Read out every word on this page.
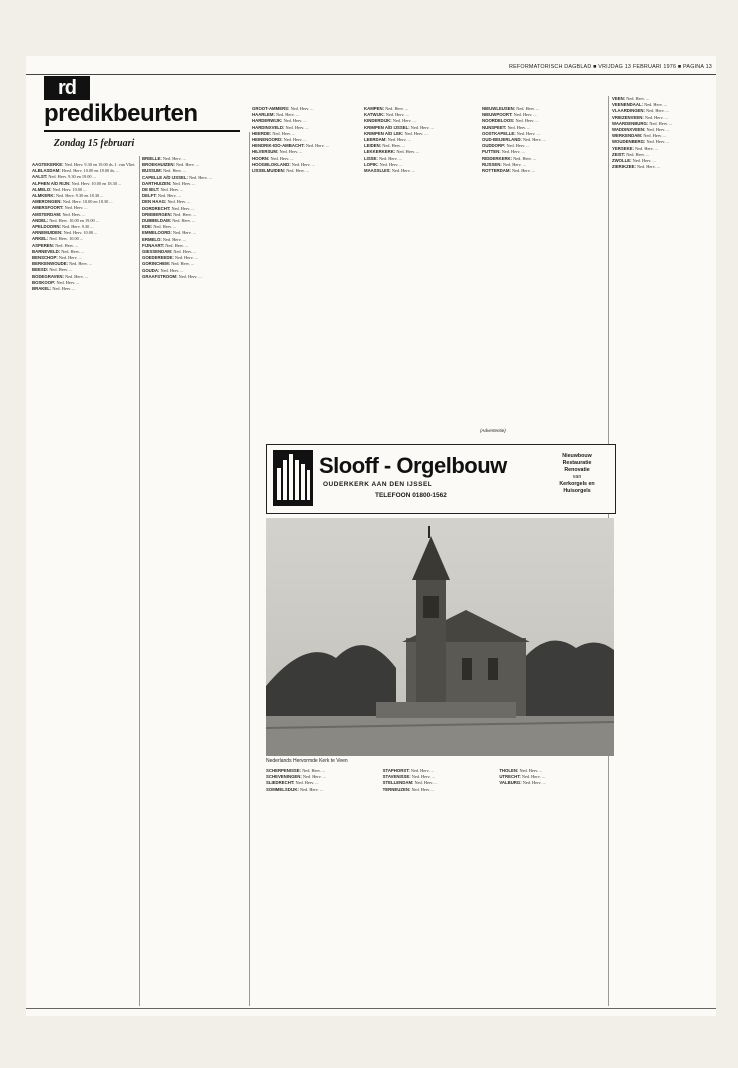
REFORMATORISCH DAGBLAD ■ VRIJDAG 13 FEBRUARI 1976 ■ PAGINA 13
rd
predikbeurten
Zondag 15 februari

AAGTEKERKE: Ned. Herv. 9.30 en 19.00 ds. J. van Vliet.

ALBLASDAM: Hersl. Herv. 10.00 en 18.00 ds. ...

AALST: Ned. Herv. 9.30 en 19.00 ...

ALPHEN A/D RIJN: Ned. Herv. 10.00 en 18.30 ...

ALMELO: Ned. Herv. 10.00 ...

ALMKERK: Ned. Herv. 9.30 en 18.30 ...

AMERONGEN: Ned. Herv. 10.00 en 18.30 ...

AMERSFOORT: Ned. Herv. ...

AMSTERDAM: Ned. Herv. ...

ANDEL: Ned. Herv. 10.00 en 19.00 ...

APELDOORN: Ned. Herv. 9.30 ...

ARNEMUIDEN: Ned. Herv. 10.00 ...

ARKEL: Ned. Herv. 10.00 ...

ASPEREN: Ned. Herv. ...

BARNEVELD: Ned. Herv. ...

BENSCHOP: Ned. Herv. ...

BERKENWOUDE: Ned. Herv. ...

BEESD: Ned. Herv. ...

BODEGRAVEN: Ned. Herv. ...

BOSKOOP: Ned. Herv. ...

BRAKEL: Ned. Herv. ...

BRIELLE: Ned. Herv. ...

BROEKHUIZEN: Ned. Herv. ...

BUSSUM: Ned. Herv. ...

CAPELLE A/D IJSSEL: Ned. Herv. ...

DARTHUIZEN: Ned. Herv. ...

DE BILT: Ned. Herv. ...

DELFT: Ned. Herv. ...

DEN HAAG: Ned. Herv. ...

DORDRECHT: Ned. Herv. ...

DRIEBERGEN: Ned. Herv. ...

DUBBELDAM: Ned. Herv. ...

EDE: Ned. Herv. ...

EMMELOORD: Ned. Herv. ...

ERMELO: Ned. Herv. ...

FIJNAART: Ned. Herv. ...

GIESSENDAM: Ned. Herv. ...

GOEDEREEDE: Ned. Herv. ...

GORINCHEM: Ned. Herv. ...

GOUDA: Ned. Herv. ...

GRAAFSTROOM: Ned. Herv. ...

GROOT-AMMERS: Ned. Herv. ...

HAARLEM: Ned. Herv. ...

HARDERWIJK: Ned. Herv. ...

HARDINXVELD: Ned. Herv. ...

HEERDE: Ned. Herv. ...

HEINENOORD: Ned. Herv. ...

HENDRIK-IDO-AMBACHT: Ned. Herv. ...

HILVERSUM: Ned. Herv. ...

HOORN: Ned. Herv. ...

HOOGBLOKLAND: Ned. Herv. ...

IJSSELMUIDEN: Ned. Herv. ...

KAMPEN: Ned. Herv. ...

KATWIJK: Ned. Herv. ...

KINDERDIJK: Ned. Herv. ...

KRIMPEN A/D IJSSEL: Ned. Herv. ...

KRIMPEN A/D LEK: Ned. Herv. ...

LEERDAM: Ned. Herv. ...

LEIDEN: Ned. Herv. ...

LEKKERKERK: Ned. Herv. ...

LISSE: Ned. Herv. ...

LOPIK: Ned. Herv. ...

MAASSLUIS: Ned. Herv. ...

NIEUWLEUSEN: Ned. Herv. ...

NIEUWPOORT: Ned. Herv. ...

NOORDELOOS: Ned. Herv. ...

NUNSPEET: Ned. Herv. ...

OOSTKAPELLE: Ned. Herv. ...

OUD-BEIJERLAND: Ned. Herv. ...

OUDDORP: Ned. Herv. ...

PUTTEN: Ned. Herv. ...

RIDDERKERK: Ned. Herv. ...

RIJSSEN: Ned. Herv. ...

ROTTERDAM: Ned. Herv. ...

SCHERPENISSE: Ned. Herv. ...

SCHEVENINGEN: Ned. Herv. ...

SLIEDRECHT: Ned. Herv. ...

SOMMELSDIJK: Ned. Herv. ...

STAPHORST: Ned. Herv. ...

STAVENISSE: Ned. Herv. ...

STELLENDAM: Ned. Herv. ...

TERNEUZEN: Ned. Herv. ...

THOLEN: Ned. Herv. ...

UTRECHT: Ned. Herv. ...

VALBURG: Ned. Herv. ...

VEEN: Ned. Herv. ...

VEENENDAAL: Ned. Herv. ...

VLAARDINGEN: Ned. Herv. ...

VRIEZENVEEN: Ned. Herv. ...

WAARDENBURG: Ned. Herv. ...

WADDINXVEEN: Ned. Herv. ...

WERKENDAM: Ned. Herv. ...

WOUDENBERG: Ned. Herv. ...

YERSEKE: Ned. Herv. ...

ZEIST: Ned. Herv. ...

ZWOLLE: Ned. Herv. ...

ZIERIKZEE: Ned. Herv. ...

(Advertentie)
Slooff - Orgelbouw
OUDERKERK AAN DEN IJSSEL
TELEFOON 01800-1562
Nieuwbouw
Restauratie
Renovatie
van
Kerkorgels en
Huisorgels
Nederlands Hervormde Kerk te Veen
